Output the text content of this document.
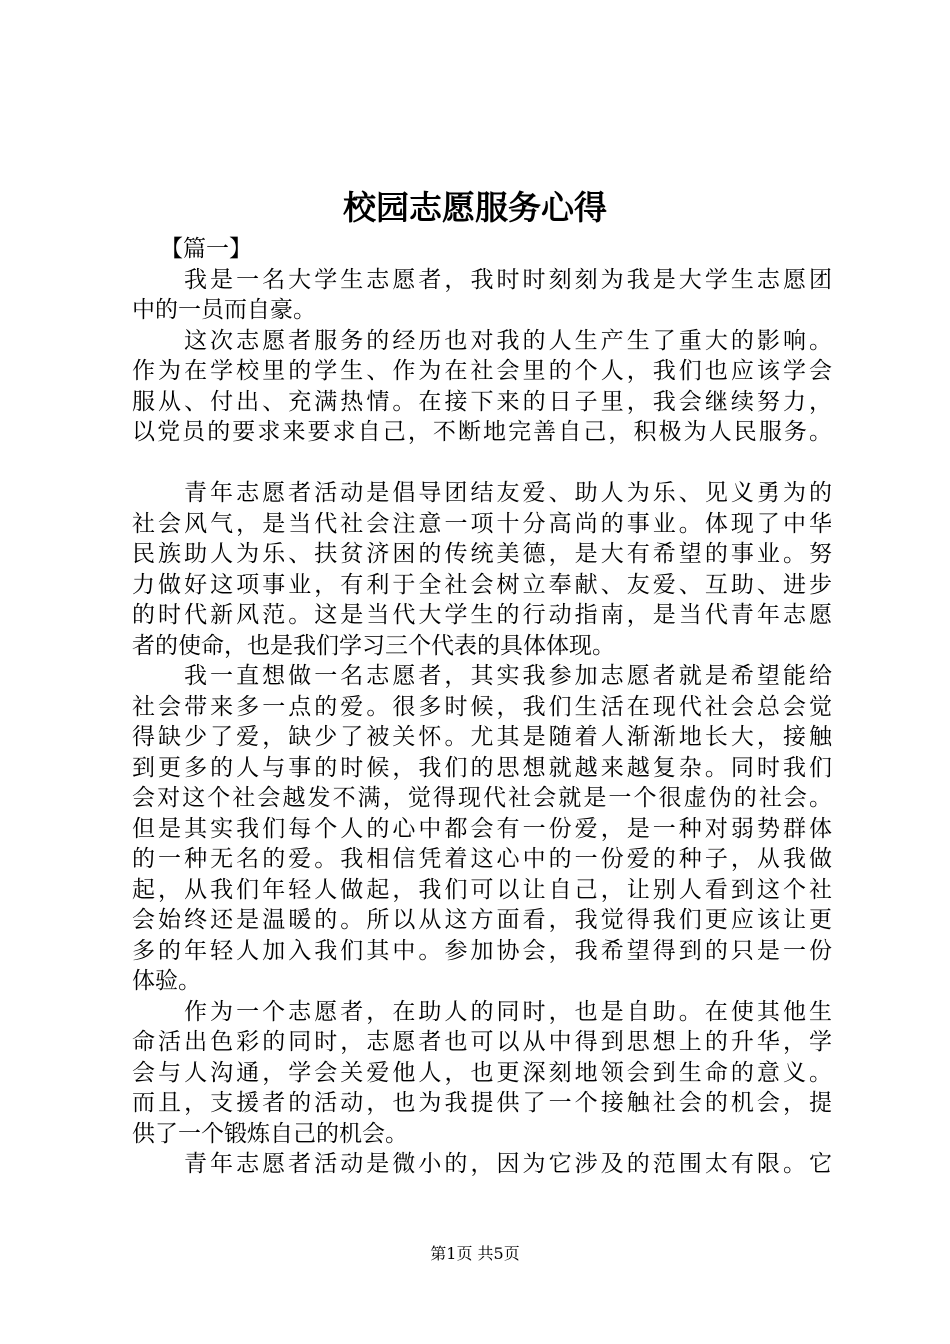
校园志愿服务心得
【篇一】
我是一名大学生志愿者，我时时刻刻为我是大学生志愿团
中的一员而自豪。
这次志愿者服务的经历也对我的人生产生了重大的影响。
作为在学校里的学生、作为在社会里的个人，我们也应该学会
服从、付出、充满热情。在接下来的日子里，我会继续努力，
以党员的要求来要求自己，不断地完善自己，积极为人民服务。
青年志愿者活动是倡导团结友爱、助人为乐、见义勇为的
社会风气，是当代社会注意一项十分高尚的事业。体现了中华
民族助人为乐、扶贫济困的传统美德，是大有希望的事业。努
力做好这项事业，有利于全社会树立奉献、友爱、互助、进步
的时代新风范。这是当代大学生的行动指南，是当代青年志愿
者的使命，也是我们学习三个代表的具体体现。
我一直想做一名志愿者，其实我参加志愿者就是希望能给
社会带来多一点的爱。很多时候，我们生活在现代社会总会觉
得缺少了爱，缺少了被关怀。尤其是随着人渐渐地长大，接触
到更多的人与事的时候，我们的思想就越来越复杂。同时我们
会对这个社会越发不满，觉得现代社会就是一个很虚伪的社会。
但是其实我们每个人的心中都会有一份爱，是一种对弱势群体
的一种无名的爱。我相信凭着这心中的一份爱的种子，从我做
起，从我们年轻人做起，我们可以让自己，让别人看到这个社
会始终还是温暖的。所以从这方面看，我觉得我们更应该让更
多的年轻人加入我们其中。参加协会，我希望得到的只是一份
体验。
作为一个志愿者，在助人的同时，也是自助。在使其他生
命活出色彩的同时，志愿者也可以从中得到思想上的升华，学
会与人沟通，学会关爱他人，也更深刻地领会到生命的意义。
而且，支援者的活动，也为我提供了一个接触社会的机会，提
供了一个锻炼自己的机会。
青年志愿者活动是微小的，因为它涉及的范围太有限。它
第1页 共5页
